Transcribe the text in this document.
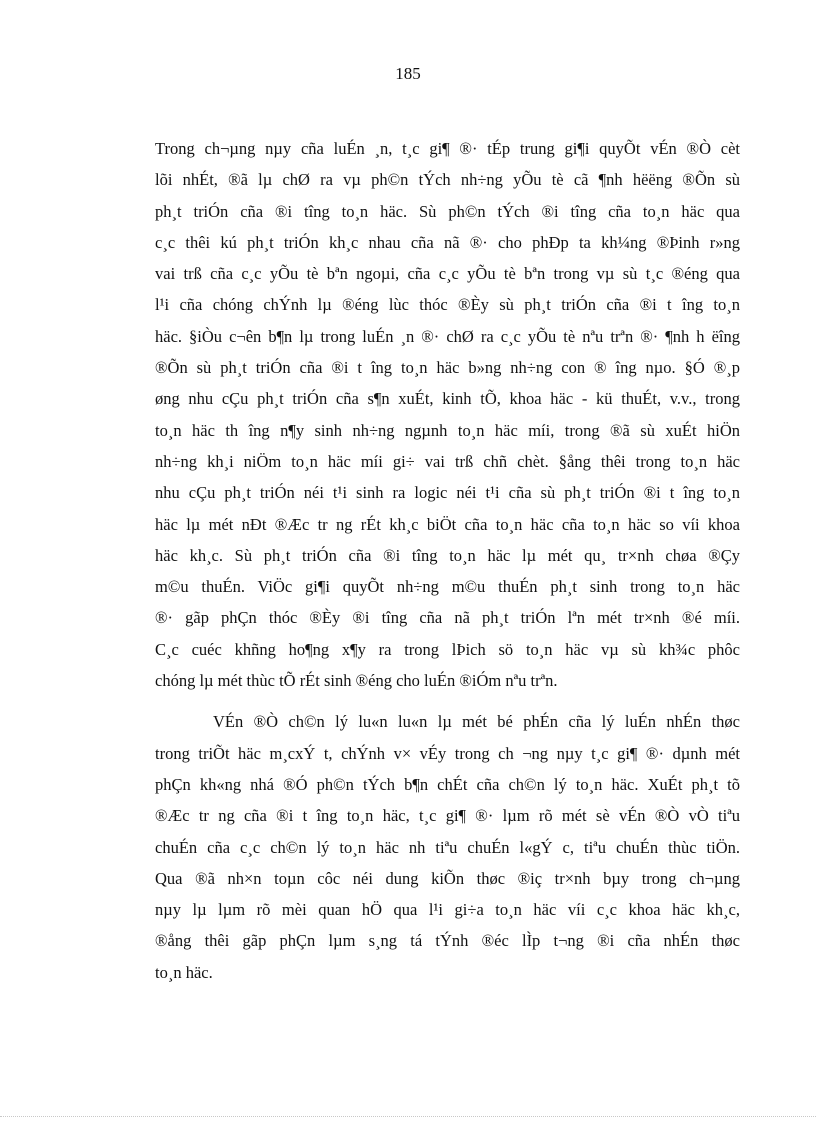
185
Trong ch¬µng nµy cña luÉn ¸n, t¸c gi¶ ®· tÉp trung gi¶i quyÕt vÉn ®Ò cèt
lõi nhÉt, ®ã lµ chØ ra vµ ph©n tÝch nh÷ng yÕu tè cã ¶nh hëëng ®Õn sù
ph¸t triÓn cña ®i tîng to¸n häc. Sù ph©n tÝch ®i tîng cña to¸n häc qua
c¸c thêi kú ph¸t triÓn kh¸c nhau cña nã ®· cho phÐp ta kh¼ng ®Þinh r»ng
vai trß cña c¸c yÕu tè bªn ngoµi, cña c¸c yÕu tè bªn trong vµ sù t¸c ®éng qua
l¹i cña chóng chÝnh lµ ®éng lùc thóc ®Èy sù ph¸t triÓn cña ®i t îng to¸n
häc. §iÒu c¬ên b¶n lµ trong luÉn ¸n ®· chØ ra c¸c yÕu tè nªu trªn ®· ¶nh h ëîng
®Õn sù ph¸t triÓn cña ®i t îng to¸n häc b»ng nh÷ng con ® îng nµo. §Ó ®¸p
øng nhu cÇu ph¸t triÓn cña s¶n xuÉt, kinh tÕ, khoa häc - kü thuÉt, v.v., trong
to¸n häc th îng n¶y sinh nh÷ng ngµnh to¸n häc míi, trong ®ã sù xuÉt hiÖn
nh÷ng kh¸i niÖm to¸n häc míi gi÷ vai trß chñ chèt. §ång thêi trong to¸n häc
nhu cÇu ph¸t triÓn néi t¹i sinh ra logic néi t¹i cña sù ph¸t triÓn ®i t îng to¸n
häc lµ mét nÐt ®Æc tr ng rÉt kh¸c biÖt cña to¸n häc cña to¸n häc so víi khoa
häc kh¸c. Sù ph¸t triÓn cña ®i tîng to¸n häc lµ mét qu¸ tr×nh chøa ®Çy
m©u thuÉn. ViÖc gi¶i quyÕt nh÷ng m©u thuÉn ph¸t sinh trong to¸n häc
®· gãp phÇn thóc ®Èy ®i tîng cña nã ph¸t triÓn lªn mét tr×nh ®é míi.
C¸c cuéc khñng ho¶ng x¶y ra trong lÞich sö to¸n häc vµ sù kh¾c phôc
chóng lµ mét thùc tÕ rÉt sinh ®éng cho luÉn ®iÓm nªu trªn.
VÉn ®Ò ch©n lý lu«n lu«n lµ mét bé phÉn cña lý luÉn nhÉn thøc
trong triÕt häc m¸cxÝ t, chÝnh v× vÉy trong ch ¬ng nµy t¸c gi¶ ®· dµnh mét
phÇn kh«ng nhá ®Ó ph©n tÝch b¶n chÉt cña ch©n lý to¸n häc. XuÉt ph¸t tõ
®Æc tr ng cña ®i t îng to¸n häc, t¸c gi¶ ®· lµm rõ mét sè vÉn ®Ò vÒ tiªu
chuÉn cña c¸c ch©n lý to¸n häc nh tiªu chuÉn l«gÝ c, tiªu chuÉn thùc tiÖn.
Qua ®ã nh×n toµn côc néi dung kiÕn thøc ®iç tr×nh bµy trong ch¬µng
nµy lµ lµm rõ mèi quan hÖ qua l¹i gi÷a to¸n häc víi c¸c khoa häc kh¸c,
®ång thêi gãp phÇn lµm s¸ng tá tÝnh ®éc lÌp t¬ng ®i cña nhÉn thøc
to¸n häc.
